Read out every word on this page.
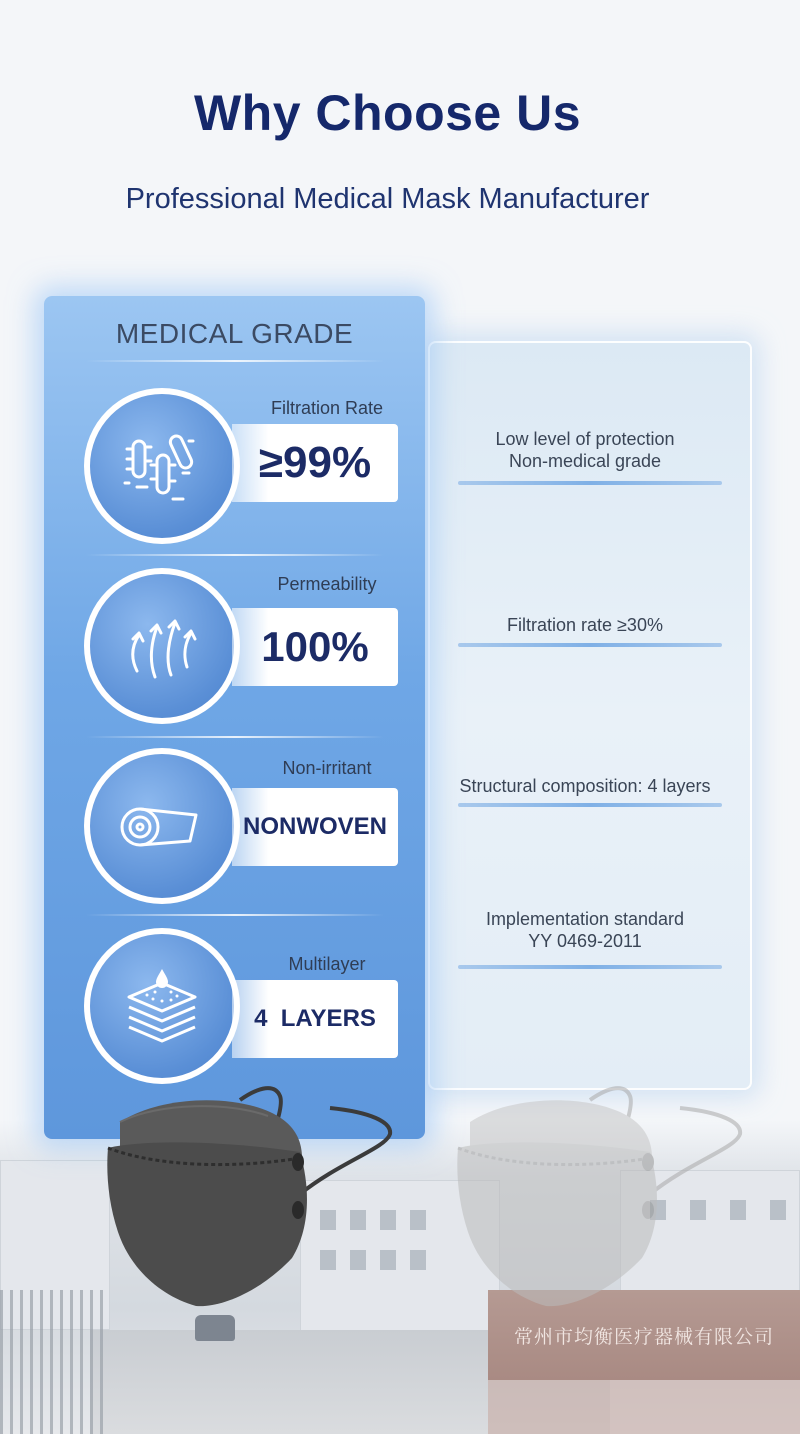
Why Choose Us
Professional Medical Mask Manufacturer
常州市均衡医疗器械有限公司
Low level of protection
Non-medical grade
Filtration rate ≥30%
Structural composition: 4 layers
Implementation standard
YY 0469-2011
MEDICAL GRADE
Filtration Rate
≥99%
Permeability
100%
Non-irritant
NONWOVEN
Multilayer
4  LAYERS
